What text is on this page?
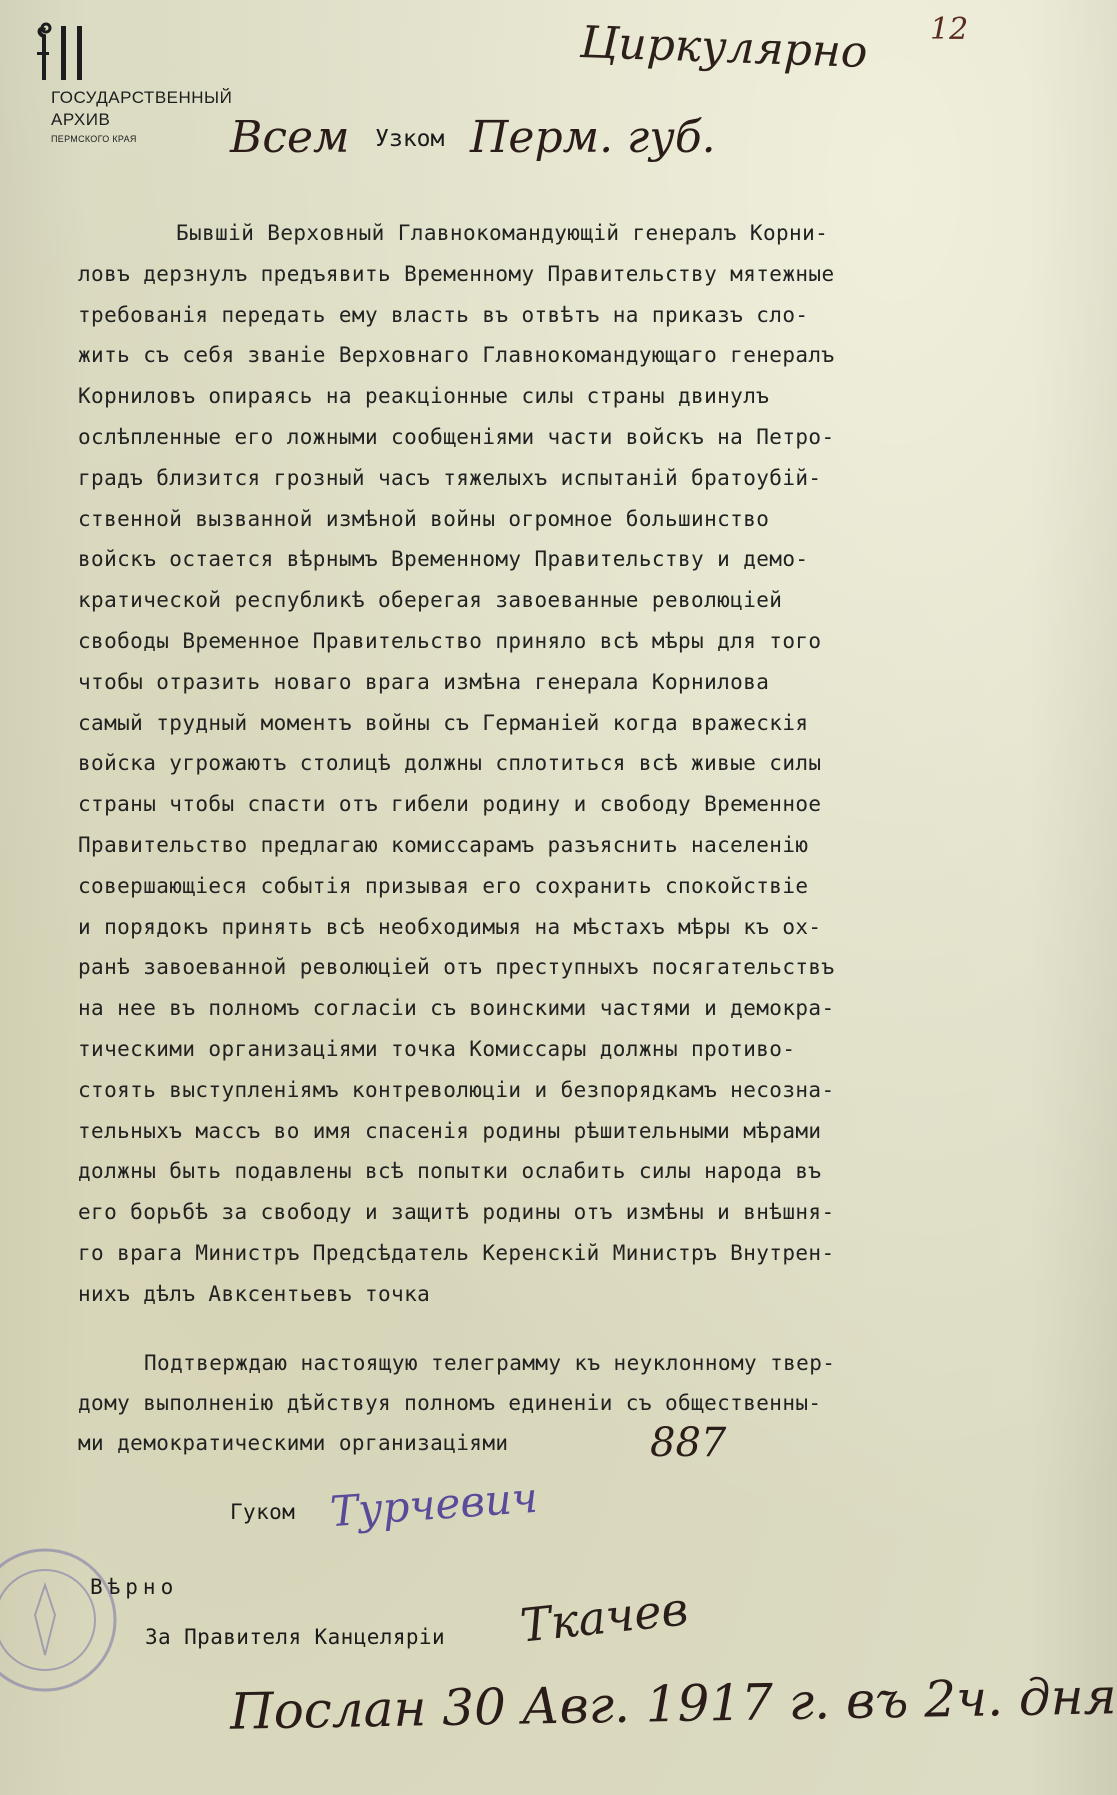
ГОСУДАРСТВЕННЫЙ
АРХИВ
ПЕРМСКОГО КРАЯ
Циркулярно 12
Всем Узком Перм. губ.
Бывшiй Верховный Главнокомандующiй генералъ Корни-
ловъ дерзнулъ предъявить Временному Правительству мятежные
требованiя передать ему власть въ отвѣтъ на приказъ сло-
жить съ себя званiе Верховнаго Главнокомандующаго генералъ
Корниловъ опираясь на реакцiонные силы страны двинулъ
ослѣпленные его ложными сообщенiями части войскъ на Петро-
градъ близится грозный часъ тяжелыхъ испытанiй братоубiй-
ственной вызванной измѣной войны огромное большинство
войскъ остается вѣрнымъ Временному Правительству и демо-
кратической республикѣ оберегая завоеванные революцiей
свободы Временное Правительство приняло всѣ мѣры для того
чтобы отразить новаго врага измѣна генерала Корнилова
самый трудный моментъ войны съ Германiей когда вражескiя
войска угрожаютъ столицѣ должны сплотиться всѣ живые силы
страны чтобы спасти отъ гибели родину и свободу Временное
Правительство предлагаю комиссарамъ разъяснить населенiю
совершающiеся событiя призывая его сохранить спокойствiе
и порядокъ принять всѣ необходимыя на мѣстахъ мѣры къ ох-
ранѣ завоеванной революцiей отъ преступныхъ посягательствъ
на нее въ полномъ согласiи съ воинскими частями и демокра-
тическими организацiями точка Комиссары должны противо-
стоять выступленiямъ контреволюцiи и безпорядкамъ несозна-
тельныхъ массъ во имя спасенiя родины рѣшительными мѣрами
должны быть подавлены всѣ попытки ослабить силы народа въ
его борьбѣ за свободу и защитѣ родины отъ измѣны и внѣшня-
го врага Министръ Предсѣдатель Керенскiй Министръ Внутрен-
нихъ дѣлъ Авксентьевъ точка
Подтверждаю настоящую телеграмму къ неуклонному твер-
дому выполненiю дѣйствуя полномъ единенiи съ общественны-
ми демократическими организацiями	887
Гуком Турчевич
Вѣрно
За Правителя Канцелярiи Ткачев
Послан 30 Авг. 1917 г. въ 2ч. дня
